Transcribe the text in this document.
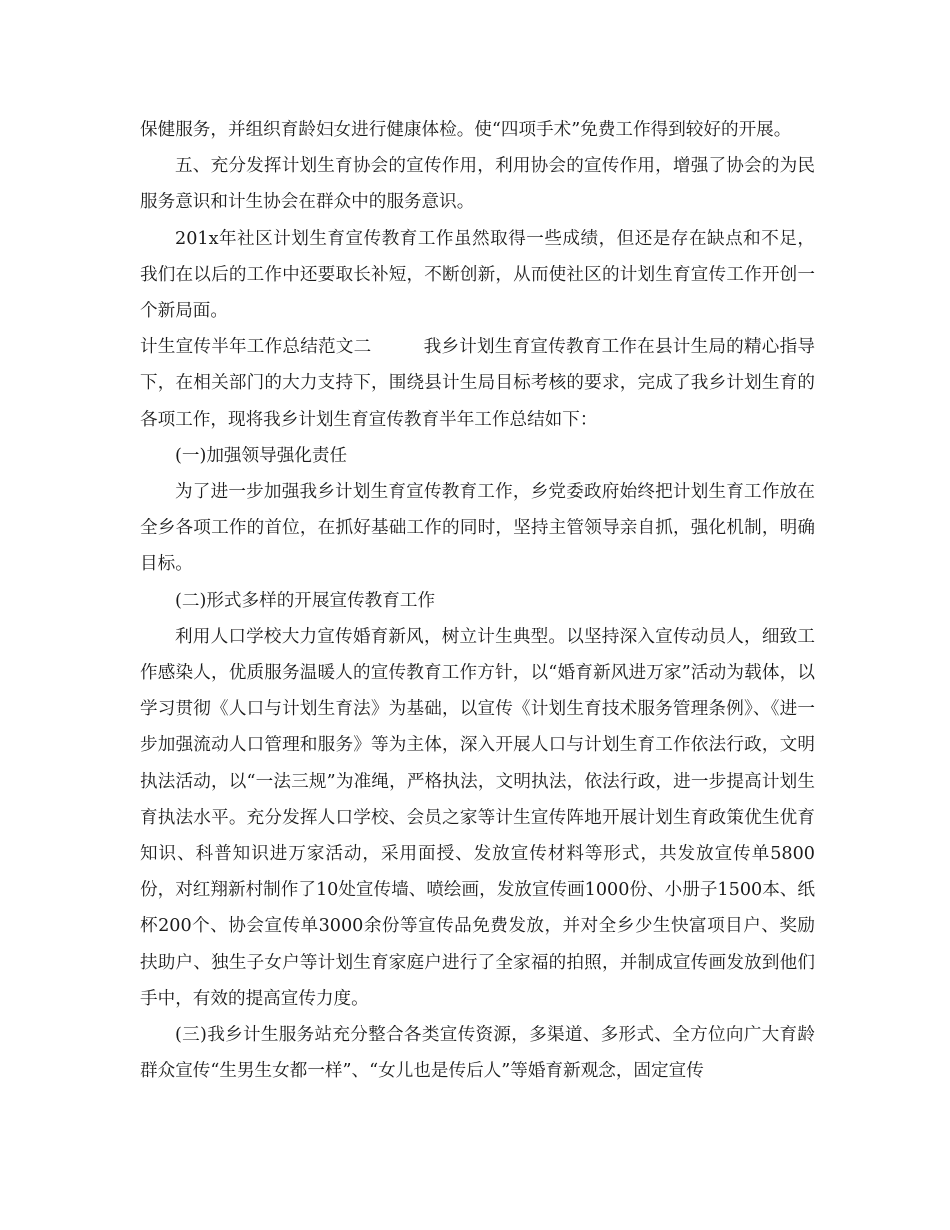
保健服务，并组织育龄妇女进行健康体检。使“四项手术”免费工作得到较好的开展。

五、充分发挥计划生育协会的宣传作用，利用协会的宣传作用，增强了协会的为民服务意识和计生协会在群众中的服务意识。

201x年社区计划生育宣传教育工作虽然取得一些成绩，但还是存在缺点和不足，我们在以后的工作中还要取长补短，不断创新，从而使社区的计划生育宣传工作开创一个新局面。

计生宣传半年工作总结范文二	我乡计划生育宣传教育工作在县计生局的精心指导下，在相关部门的大力支持下，围绕县计生局目标考核的要求，完成了我乡计划生育的各项工作，现将我乡计划生育宣传教育半年工作总结如下：

(一)加强领导强化责任

为了进一步加强我乡计划生育宣传教育工作，乡党委政府始终把计划生育工作放在全乡各项工作的首位，在抓好基础工作的同时，坚持主管领导亲自抓，强化机制，明确目标。

(二)形式多样的开展宣传教育工作

利用人口学校大力宣传婚育新风，树立计生典型。以坚持深入宣传动员人，细致工作感染人，优质服务温暖人的宣传教育工作方针，以“婚育新风进万家”活动为载体，以学习贯彻《人口与计划生育法》为基础，以宣传《计划生育技术服务管理条例》、《进一步加强流动人口管理和服务》等为主体，深入开展人口与计划生育工作依法行政，文明执法活动，以“一法三规”为准绳，严格执法，文明执法，依法行政，进一步提高计划生育执法水平。充分发挥人口学校、会员之家等计生宣传阵地开展计划生育政策优生优育知识、科普知识进万家活动，采用面授、发放宣传材料等形式，共发放宣传单5800份，对红翔新村制作了10处宣传墙、喷绘画，发放宣传画1000份、小册子1500本、纸杯200个、协会宣传单3000余份等宣传品免费发放，并对全乡少生快富项目户、奖励扶助户、独生子女户等计划生育家庭户进行了全家福的拍照，并制成宣传画发放到他们手中，有效的提高宣传力度。

(三)我乡计生服务站充分整合各类宣传资源，多渠道、多形式、全方位向广大育龄群众宣传“生男生女都一样”、“女儿也是传后人”等婚育新观念，固定宣传
